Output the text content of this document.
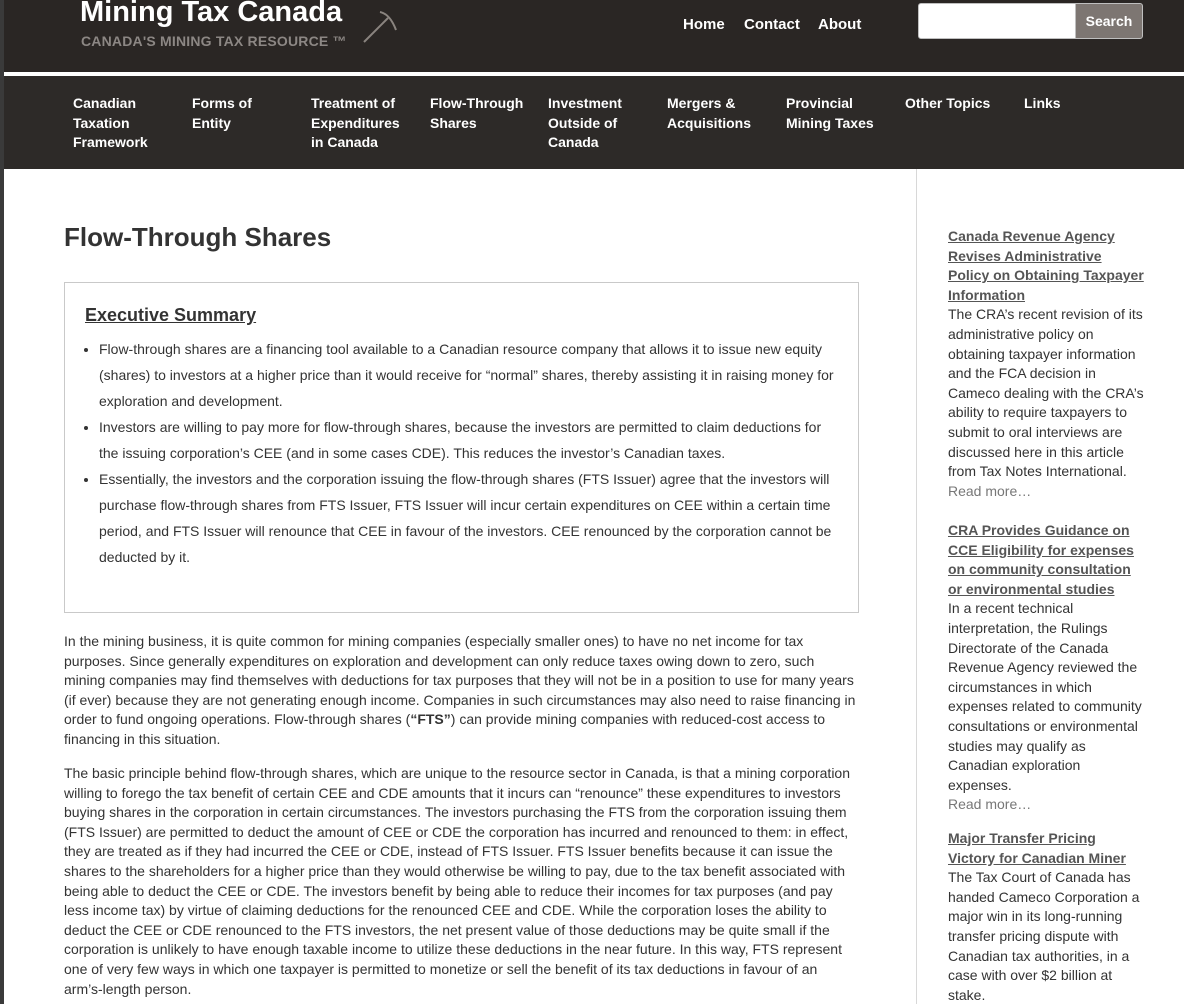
Mining Tax Canada
CANADA'S MINING TAX RESOURCE ™
Home Contact About	Search
Canadian
Taxation
Framework
Forms of
Entity
Treatment of
Expenditures
in Canada
Flow-Through
Shares
Investment
Outside of
Canada
Mergers &
Acquisitions
Provincial
Mining Taxes
Other Topics Links
Flow-Through Shares
Executive Summary
• Flow-through shares are a financing tool available to a Canadian resource company that allows it to issue new equity (shares) to investors at a higher price than it would receive for “normal” shares, thereby assisting it in raising money for exploration and development.
• Investors are willing to pay more for flow-through shares, because the investors are permitted to claim deductions for the issuing corporation’s CEE (and in some cases CDE). This reduces the investor’s Canadian taxes.
• Essentially, the investors and the corporation issuing the flow-through shares (FTS Issuer) agree that the investors will purchase flow-through shares from FTS Issuer, FTS Issuer will incur certain expenditures on CEE within a certain time period, and FTS Issuer will renounce that CEE in favour of the investors. CEE renounced by the corporation cannot be deducted by it.

In the mining business, it is quite common for mining companies (especially smaller ones) to have no net income for tax purposes. Since generally expenditures on exploration and development can only reduce taxes owing down to zero, such mining companies may find themselves with deductions for tax purposes that they will not be in a position to use for many years (if ever) because they are not generating enough income. Companies in such circumstances may also need to raise financing in order to fund ongoing operations. Flow-through shares (“FTS”) can provide mining companies with reduced-cost access to financing in this situation.

The basic principle behind flow-through shares, which are unique to the resource sector in Canada, is that a mining corporation willing to forego the tax benefit of certain CEE and CDE amounts that it incurs can “renounce” these expenditures to investors buying shares in the corporation in certain circumstances. The investors purchasing the FTS from the corporation issuing them (FTS Issuer) are permitted to deduct the amount of CEE or CDE the corporation has incurred and renounced to them: in effect, they are treated as if they had incurred the CEE or CDE, instead of FTS Issuer. FTS Issuer benefits because it can issue the shares to the shareholders for a higher price than they would otherwise be willing to pay, due to the tax benefit associated with being able to deduct the CEE or CDE. The investors benefit by being able to reduce their incomes for tax purposes (and pay less income tax) by virtue of claiming deductions for the renounced CEE and CDE. While the corporation loses the ability to deduct the CEE or CDE renounced to the FTS investors, the net present value of those deductions may be quite small if the corporation is unlikely to have enough taxable income to utilize these deductions in the near future. In this way, FTS represent one of very few ways in which one taxpayer is permitted to monetize or sell the benefit of its tax deductions in favour of an arm’s-length person.

Canada Revenue Agency Revises Administrative Policy on Obtaining Taxpayer Information
The CRA’s recent revision of its administrative policy on obtaining taxpayer information and the FCA decision in Cameco dealing with the CRA’s ability to require taxpayers to submit to oral interviews are discussed here in this article from Tax Notes International.
Read more…
CRA Provides Guidance on CCE Eligibility for expenses on community consultation or environmental studies
In a recent technical interpretation, the Rulings Directorate of the Canada Revenue Agency reviewed the circumstances in which expenses related to community consultations or environmental studies may qualify as Canadian exploration expenses.
Read more…
Major Transfer Pricing Victory for Canadian Miner
The Tax Court of Canada has handed Cameco Corporation a major win in its long-running transfer pricing dispute with Canadian tax authorities, in a case with over $2 billion at stake.
